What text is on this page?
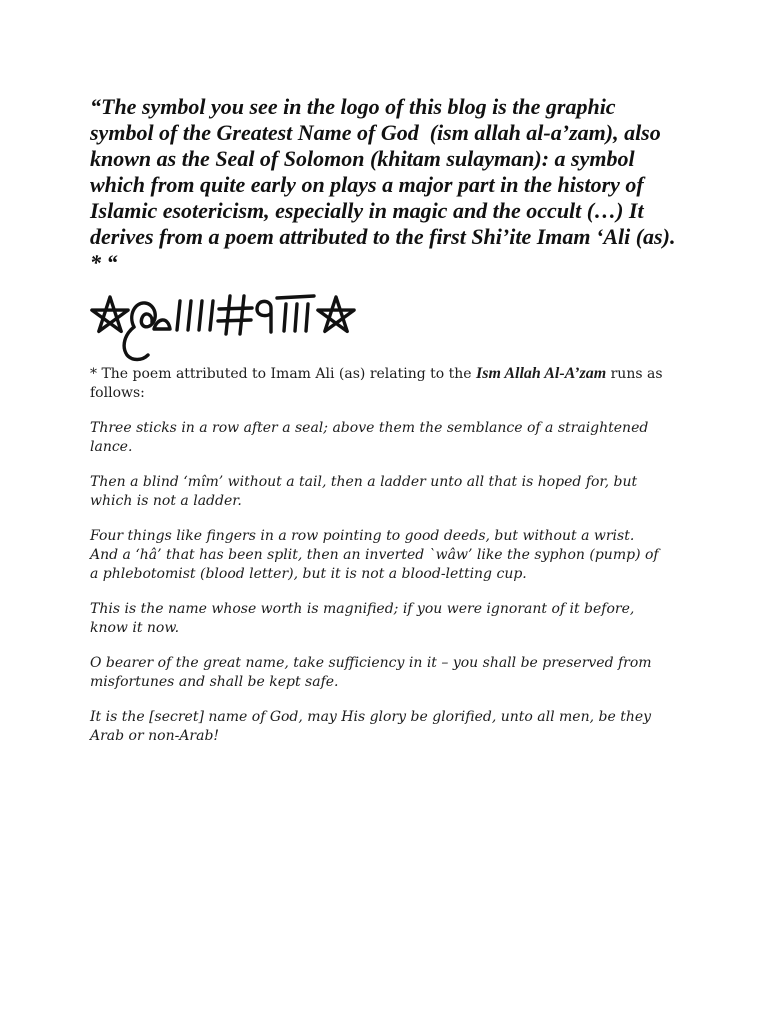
“The symbol you see in the logo of this blog is the graphic
symbol of the Greatest Name of God  (ism allah al-a’zam), also
known as the Seal of Solomon (khitam sulayman): a symbol
which from quite early on plays a major part in the history of
Islamic esotericism, especially in magic and the occult (…) It
derives from a poem attributed to the first Shi’ite Imam ‘Ali (as).
* “

* The poem attributed to Imam Ali (as) relating to the Ism Allah Al-A’zam runs as
follows:

Three sticks in a row after a seal; above them the semblance of a straightened
lance.

Then a blind ‘mîm’ without a tail, then a ladder unto all that is hoped for, but
which is not a ladder.

Four things like fingers in a row pointing to good deeds, but without a wrist.
And a ‘hâ’ that has been split, then an inverted `wâw’ like the syphon (pump) of
a phlebotomist (blood letter), but it is not a blood-letting cup.

This is the name whose worth is magnified; if you were ignorant of it before,
know it now.

O bearer of the great name, take sufficiency in it – you shall be preserved from
misfortunes and shall be kept safe.

It is the [secret] name of God, may His glory be glorified, unto all men, be they
Arab or non-Arab!
